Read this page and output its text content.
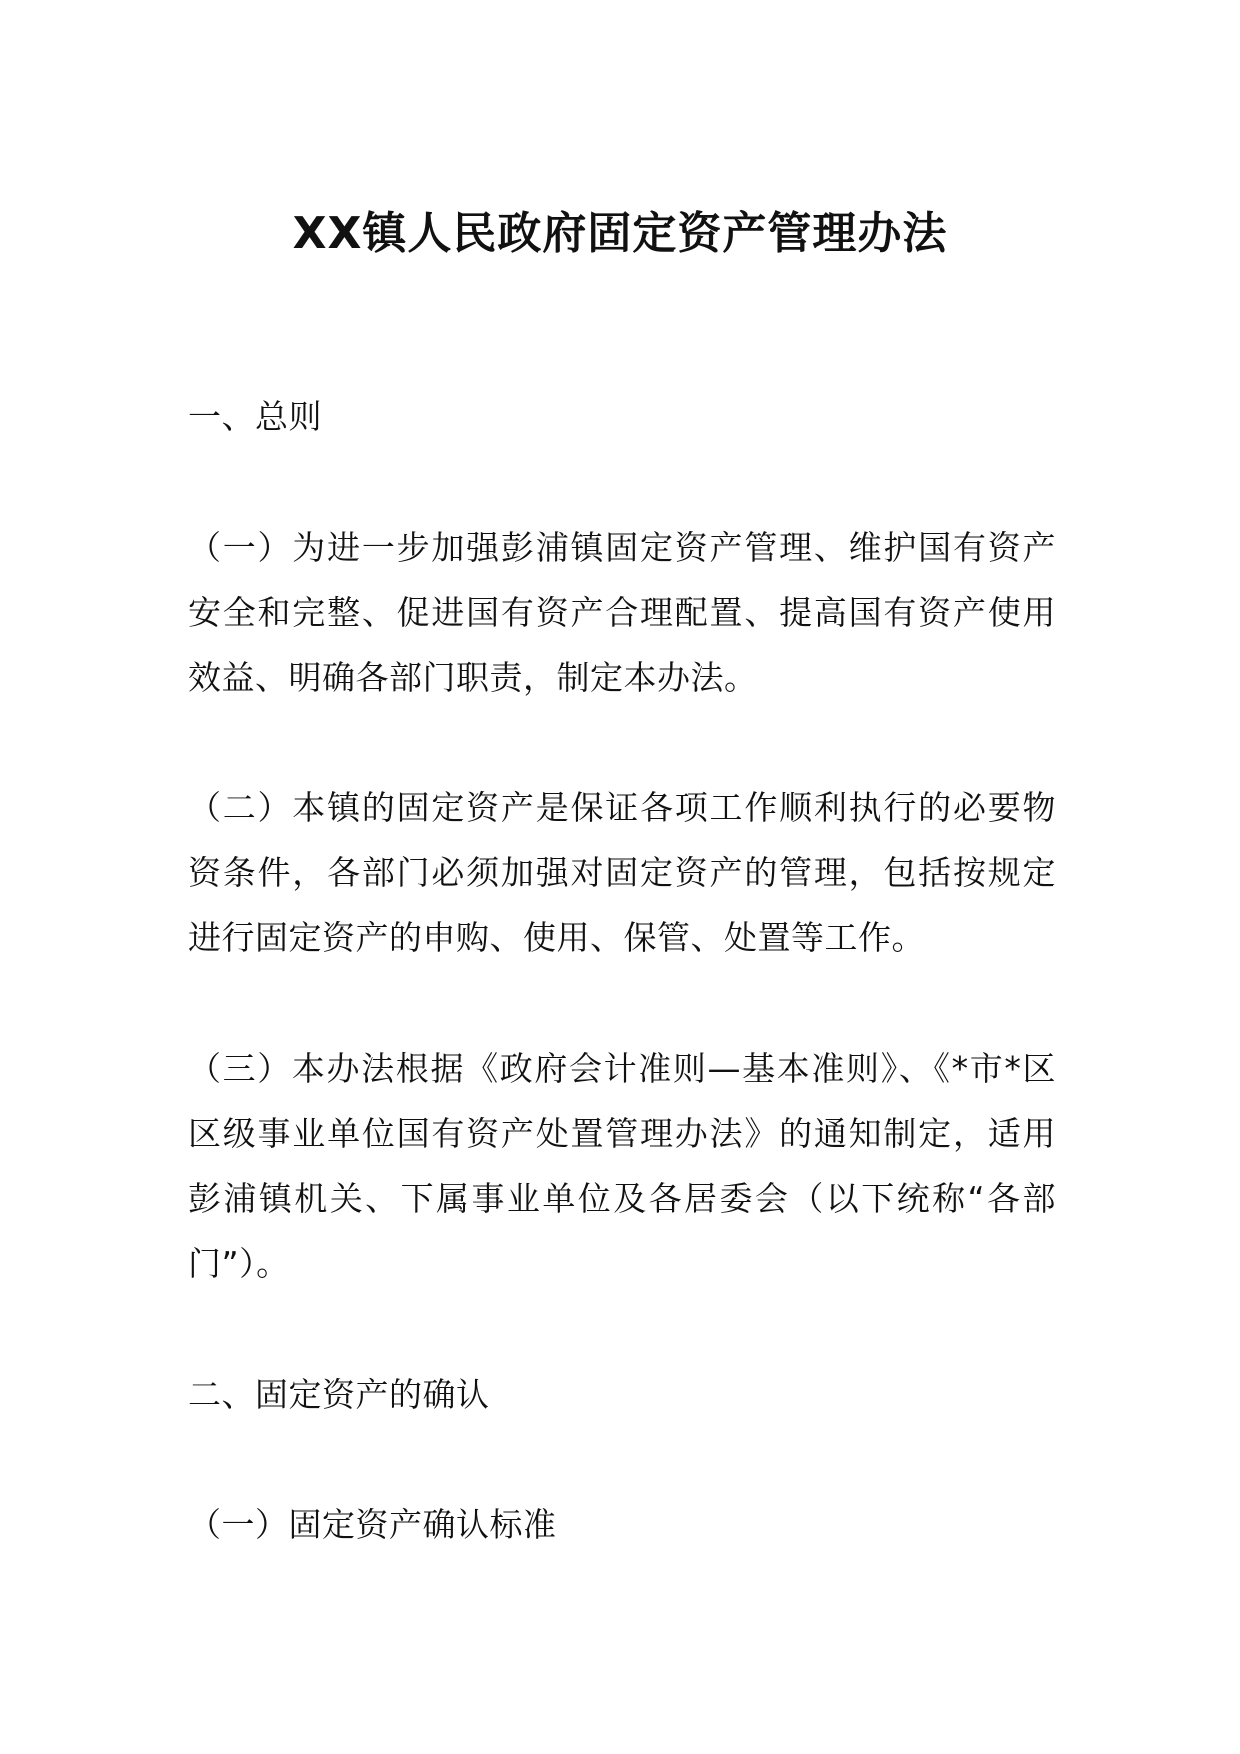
XX镇人民政府固定资产管理办法
一、总则
（一）为进一步加强彭浦镇固定资产管理、维护国有资产安全和完整、促进国有资产合理配置、提高国有资产使用效益、明确各部门职责，制定本办法。
（二）本镇的固定资产是保证各项工作顺利执行的必要物资条件，各部门必须加强对固定资产的管理，包括按规定进行固定资产的申购、使用、保管、处置等工作。
（三）本办法根据《政府会计准则—基本准则》、《*市*区区级事业单位国有资产处置管理办法》的通知制定，适用彭浦镇机关、下属事业单位及各居委会（以下统称“各部门”）。
二、固定资产的确认
（一）固定资产确认标准
